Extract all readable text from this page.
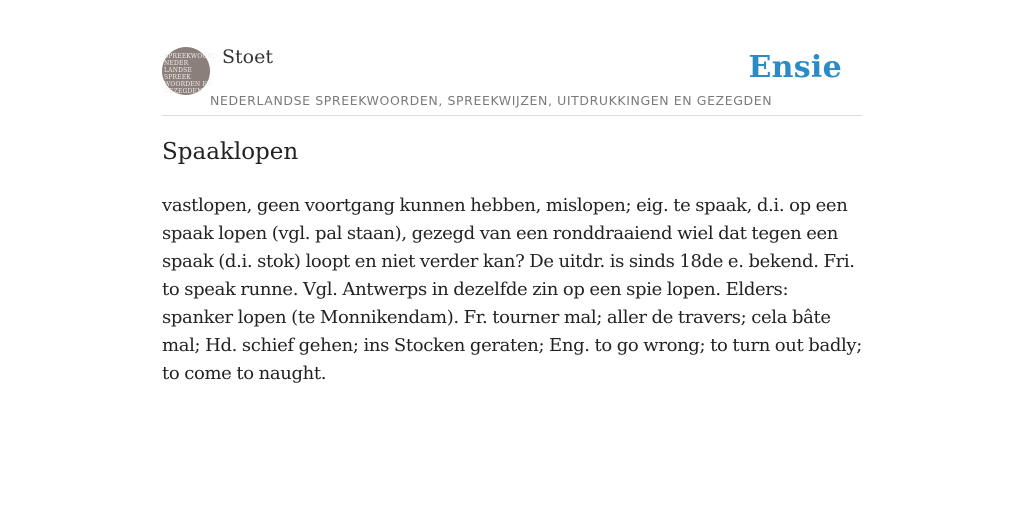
SPREEKWOORD
NEDER
LANDSE
SPREEK
WOORDEN EN
GEZEGDEN
Stoet	Ensie
NEDERLANDSE SPREEKWOORDEN, SPREEKWIJZEN, UITDRUKKINGEN EN GEZEGDEN
Spaaklopen

vastlopen, geen voortgang kunnen hebben, mislopen; eig. te spaak, d.i. op een spaak lopen (vgl. pal staan), gezegd van een ronddraaiend wiel dat tegen een spaak (d.i. stok) loopt en niet verder kan? De uitdr. is sinds 18de e. bekend. Fri. to speak runne. Vgl. Antwerps in dezelfde zin op een spie lopen. Elders: spanker lopen (te Monnikendam). Fr. tourner mal; aller de travers; cela bâte mal; Hd. schief gehen; ins Stocken geraten; Eng. to go wrong; to turn out badly; to come to naught.
